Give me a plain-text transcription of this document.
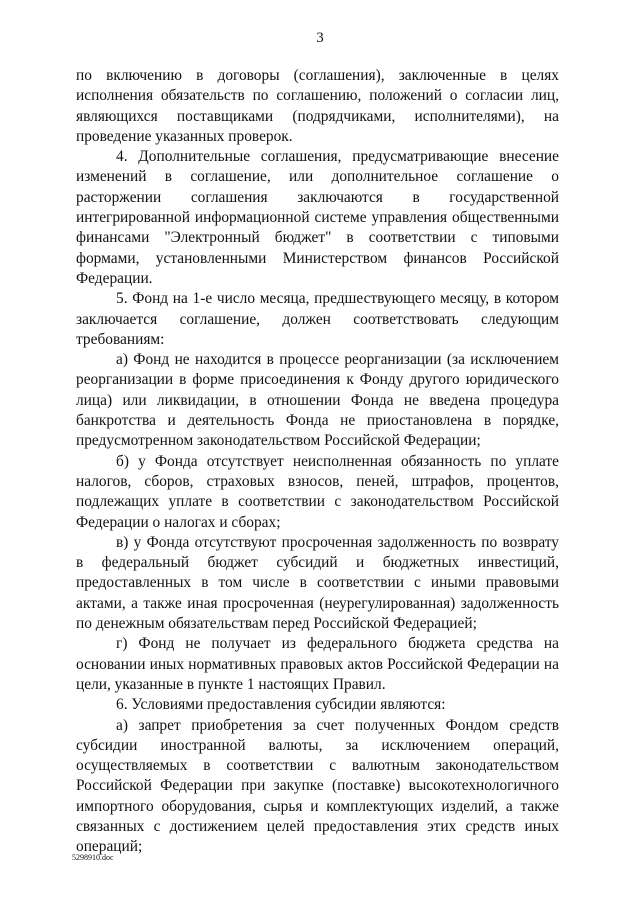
3

по включению в договоры (соглашения), заключенные в целях исполнения обязательств по соглашению, положений о согласии лиц, являющихся поставщиками (подрядчиками, исполнителями), на проведение указанных проверок.

4. Дополнительные соглашения, предусматривающие внесение изменений в соглашение, или дополнительное соглашение о расторжении соглашения заключаются в государственной интегрированной информационной системе управления общественными финансами "Электронный бюджет" в соответствии с типовыми формами, установленными Министерством финансов Российской Федерации.

5. Фонд на 1-е число месяца, предшествующего месяцу, в котором заключается соглашение, должен соответствовать следующим требованиям:

а) Фонд не находится в процессе реорганизации (за исключением реорганизации в форме присоединения к Фонду другого юридического лица) или ликвидации, в отношении Фонда не введена процедура банкротства и деятельность Фонда не приостановлена в порядке, предусмотренном законодательством Российской Федерации;

б) у Фонда отсутствует неисполненная обязанность по уплате налогов, сборов, страховых взносов, пеней, штрафов, процентов, подлежащих уплате в соответствии с законодательством Российской Федерации о налогах и сборах;

в) у Фонда отсутствуют просроченная задолженность по возврату в федеральный бюджет субсидий и бюджетных инвестиций, предоставленных в том числе в соответствии с иными правовыми актами, а также иная просроченная (неурегулированная) задолженность по денежным обязательствам перед Российской Федерацией;

г) Фонд не получает из федерального бюджета средства на основании иных нормативных правовых актов Российской Федерации на цели, указанные в пункте 1 настоящих Правил.

6. Условиями предоставления субсидии являются:

а) запрет приобретения за счет полученных Фондом средств субсидии иностранной валюты, за исключением операций, осуществляемых в соответствии с валютным законодательством Российской Федерации при закупке (поставке) высокотехнологичного импортного оборудования, сырья и комплектующих изделий, а также связанных с достижением целей предоставления этих средств иных операций;

5298910.doc
